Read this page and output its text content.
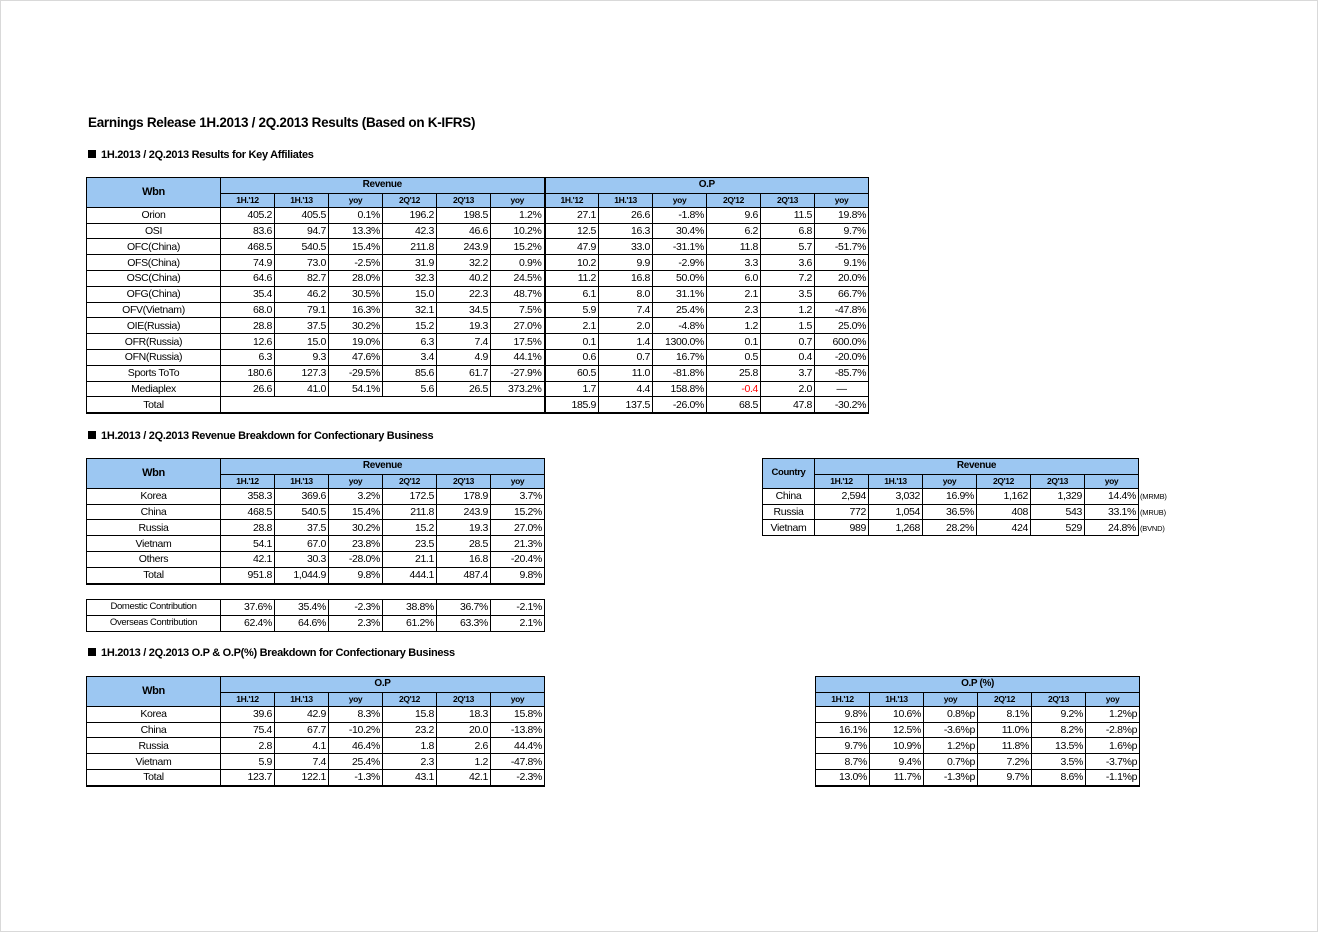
Earnings Release 1H.2013 / 2Q.2013 Results (Based on K-IFRS)
1H.2013 / 2Q.2013 Results for Key Affiliates
Wbn	Revenue						O.P					
	1H.'12	1H.'13	yoy	2Q'12	2Q'13	yoy	1H.'12	1H.'13	yoy	2Q'12	2Q'13	yoy
Orion	405.2	405.5	0.1%	196.2	198.5	1.2%	27.1	26.6	-1.8%	9.6	11.5	19.8%
OSI	83.6	94.7	13.3%	42.3	46.6	10.2%	12.5	16.3	30.4%	6.2	6.8	9.7%
OFC(China)	468.5	540.5	15.4%	211.8	243.9	15.2%	47.9	33.0	-31.1%	11.8	5.7	-51.7%
OFS(China)	74.9	73.0	-2.5%	31.9	32.2	0.9%	10.2	9.9	-2.9%	3.3	3.6	9.1%
OSC(China)	64.6	82.7	28.0%	32.3	40.2	24.5%	11.2	16.8	50.0%	6.0	7.2	20.0%
OFG(China)	35.4	46.2	30.5%	15.0	22.3	48.7%	6.1	8.0	31.1%	2.1	3.5	66.7%
OFV(Vietnam)	68.0	79.1	16.3%	32.1	34.5	7.5%	5.9	7.4	25.4%	2.3	1.2	-47.8%
OIE(Russia)	28.8	37.5	30.2%	15.2	19.3	27.0%	2.1	2.0	-4.8%	1.2	1.5	25.0%
OFR(Russia)	12.6	15.0	19.0%	6.3	7.4	17.5%	0.1	1.4	1300.0%	0.1	0.7	600.0%
OFN(Russia)	6.3	9.3	47.6%	3.4	4.9	44.1%	0.6	0.7	16.7%	0.5	0.4	-20.0%
Sports ToTo	180.6	127.3	-29.5%	85.6	61.7	-27.9%	60.5	11.0	-81.8%	25.8	3.7	-85.7%
Mediaplex	26.6	41.0	54.1%	5.6	26.5	373.2%	1.7	4.4	158.8%	-0.4	2.0	—
Total							185.9	137.5	-26.0%	68.5	47.8	-30.2%
1H.2013 / 2Q.2013 Revenue Breakdown for Confectionary Business
Wbn	Revenue					
	1H.'12	1H.'13	yoy	2Q'12	2Q'13	yoy
Korea	358.3	369.6	3.2%	172.5	178.9	3.7%
China	468.5	540.5	15.4%	211.8	243.9	15.2%
Russia	28.8	37.5	30.2%	15.2	19.3	27.0%
Vietnam	54.1	67.0	23.8%	23.5	28.5	21.3%
Others	42.1	30.3	-28.0%	21.1	16.8	-20.4%
Total	951.8	1,044.9	9.8%	444.1	487.4	9.8%
Domestic Contribution	37.6%	35.4%	-2.3%	38.8%	36.7%	-2.1%
Overseas Contribution	62.4%	64.6%	2.3%	61.2%	63.3%	2.1%
Country	Revenue					
	1H.'12	1H.'13	yoy	2Q'12	2Q'13	yoy
China	2,594	3,032	16.9%	1,162	1,329	14.4%
Russia	772	1,054	36.5%	408	543	33.1%
Vietnam	989	1,268	28.2%	424	529	24.8%
(MRMB)
(MRUB)
(BVND)
1H.2013 / 2Q.2013 O.P & O.P(%) Breakdown for Confectionary Business
Wbn	O.P					
	1H.'12	1H.'13	yoy	2Q'12	2Q'13	yoy
Korea	39.6	42.9	8.3%	15.8	18.3	15.8%
China	75.4	67.7	-10.2%	23.2	20.0	-13.8%
Russia	2.8	4.1	46.4%	1.8	2.6	44.4%
Vietnam	5.9	7.4	25.4%	2.3	1.2	-47.8%
Total	123.7	122.1	-1.3%	43.1	42.1	-2.3%
O.P (%)					
1H.'12	1H.'13	yoy	2Q'12	2Q'13	yoy
9.8%	10.6%	0.8%p	8.1%	9.2%	1.2%p
16.1%	12.5%	-3.6%p	11.0%	8.2%	-2.8%p
9.7%	10.9%	1.2%p	11.8%	13.5%	1.6%p
8.7%	9.4%	0.7%p	7.2%	3.5%	-3.7%p
13.0%	11.7%	-1.3%p	9.7%	8.6%	-1.1%p
